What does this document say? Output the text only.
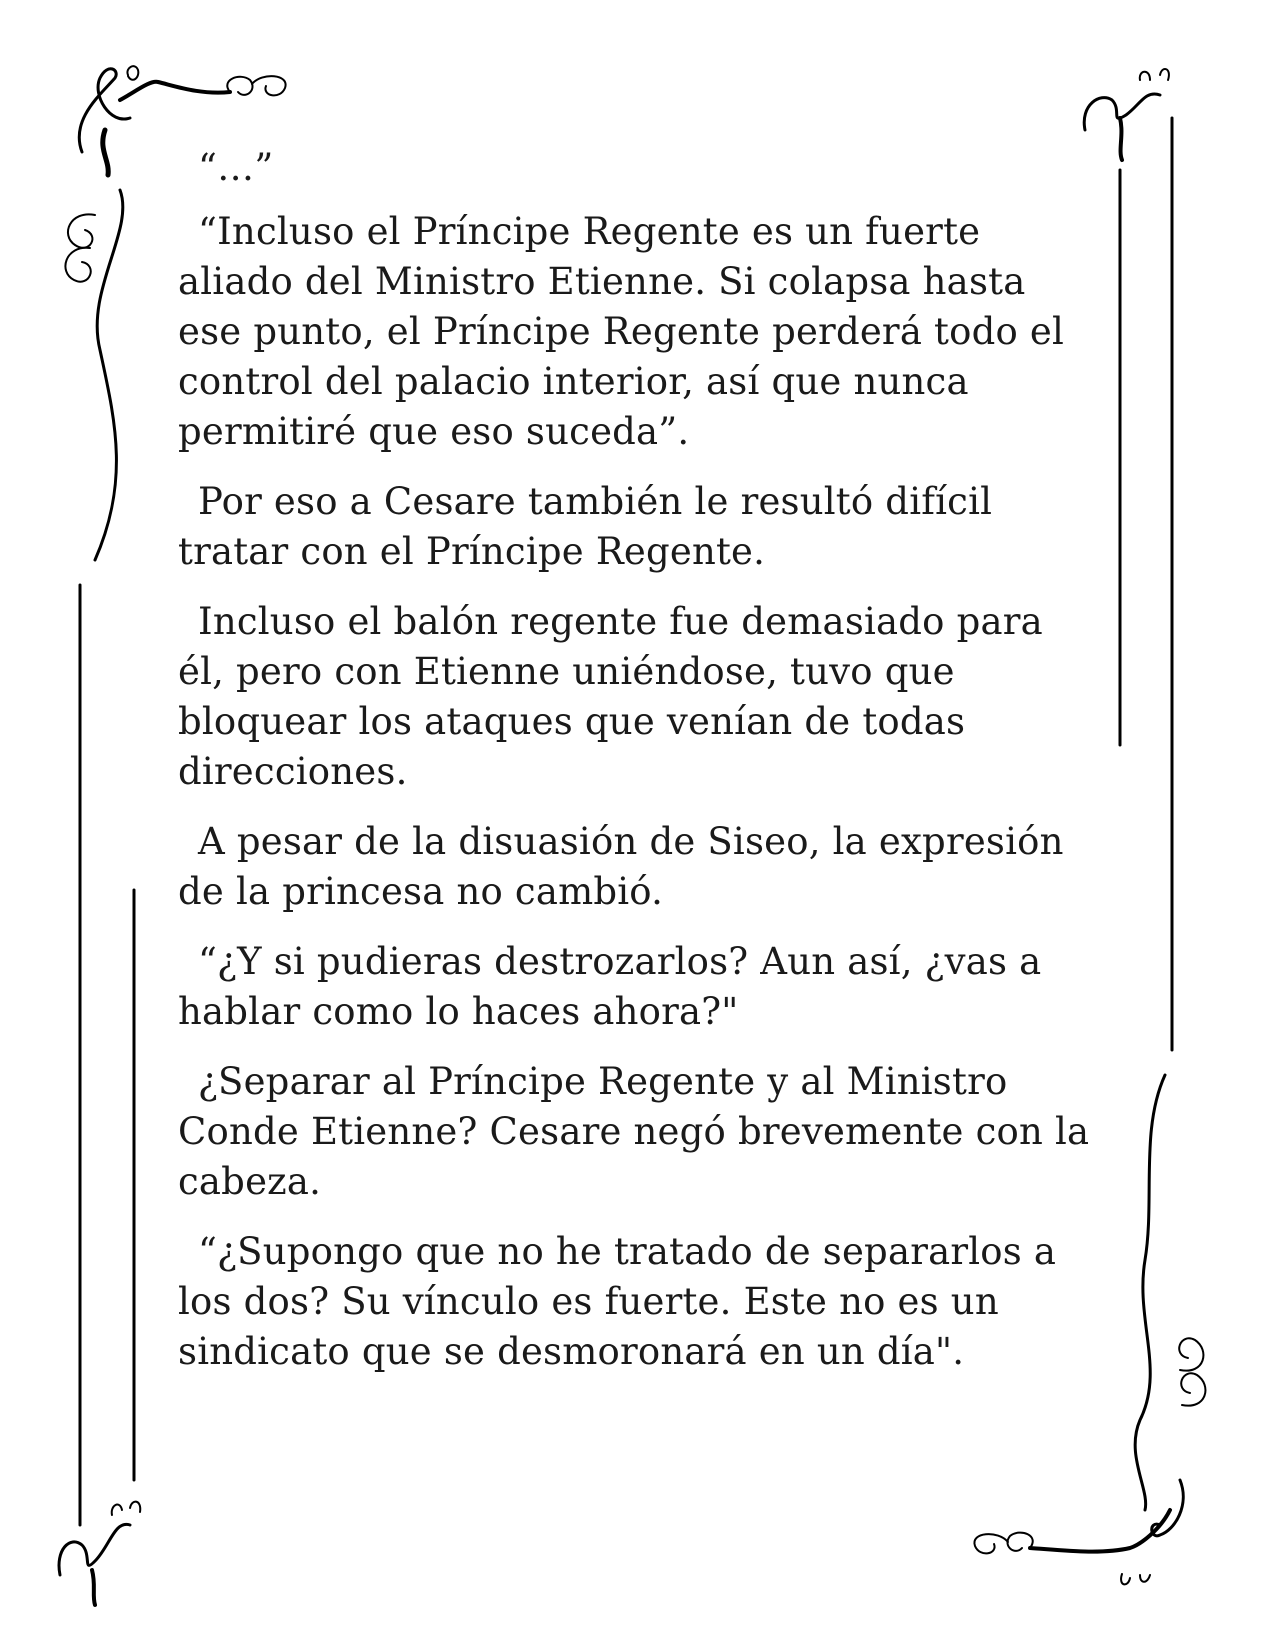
“…”

“Incluso el Príncipe Regente es un fuerte aliado del Ministro Etienne. Si colapsa hasta ese punto, el Príncipe Regente perderá todo el control del palacio interior, así que nunca permitiré que eso suceda”.

Por eso a Cesare también le resultó difícil tratar con el Príncipe Regente.

Incluso el balón regente fue demasiado para él, pero con Etienne uniéndose, tuvo que bloquear los ataques que venían de todas direcciones.

A pesar de la disuasión de Siseo, la expresión de la princesa no cambió.

“¿Y si pudieras destrozarlos? Aun así, ¿vas a hablar como lo haces ahora?"

¿Separar al Príncipe Regente y al Ministro Conde Etienne? Cesare negó brevemente con la cabeza.

“¿Supongo que no he tratado de separarlos a los dos? Su vínculo es fuerte. Este no es un sindicato que se desmoronará en un día".
